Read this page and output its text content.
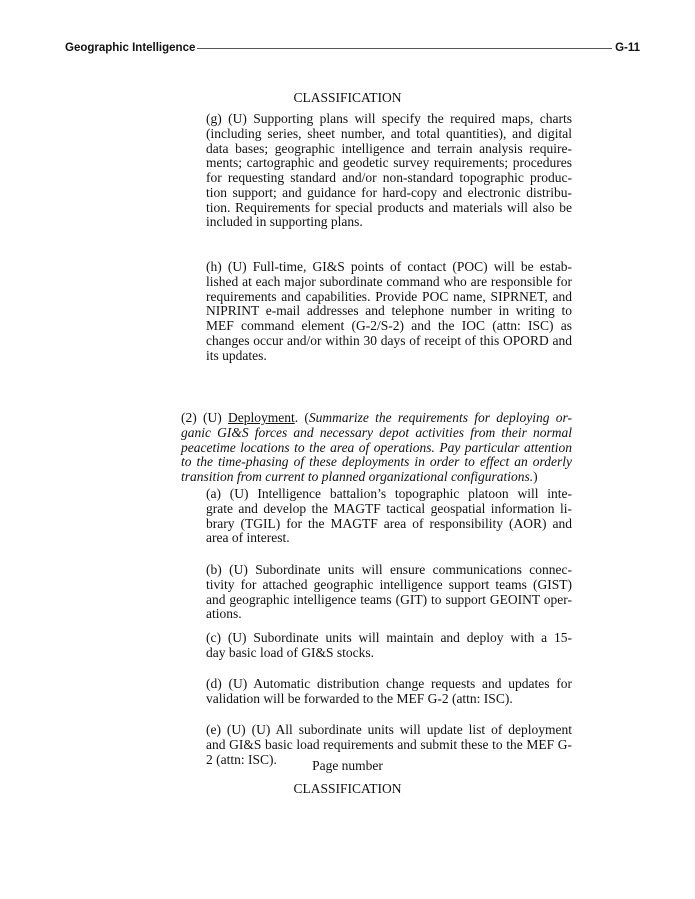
Geographic Intelligence	G-11
CLASSIFICATION
(g) (U) Supporting plans will specify the required maps, charts
(including series, sheet number, and total quantities), and digital
data bases; geographic intelligence and terrain analysis require-
ments; cartographic and geodetic survey requirements; procedures
for requesting standard and/or non-standard topographic produc-
tion support; and guidance for hard-copy and electronic distribu-
tion. Requirements for special products and materials will also be
included in supporting plans.
(h) (U) Full-time, GI&S points of contact (POC) will be estab-
lished at each major subordinate command who are responsible for
requirements and capabilities. Provide POC name, SIPRNET, and
NIPRINT e-mail addresses and telephone number in writing to
MEF command element (G-2/S-2) and the IOC (attn: ISC) as
changes occur and/or within 30 days of receipt of this OPORD and
its updates.
(2) (U) Deployment. (Summarize the requirements for deploying or-
ganic GI&S forces and necessary depot activities from their normal
peacetime locations to the area of operations. Pay particular attention
to the time-phasing of these deployments in order to effect an orderly
transition from current to planned organizational configurations.)
(a) (U) Intelligence battalion’s topographic platoon will inte-
grate and develop the MAGTF tactical geospatial information li-
brary (TGIL) for the MAGTF area of responsibility (AOR) and
area of interest.
(b) (U) Subordinate units will ensure communications connec-
tivity for attached geographic intelligence support teams (GIST)
and geographic intelligence teams (GIT) to support GEOINT oper-
ations.
(c) (U) Subordinate units will maintain and deploy with a 15-
day basic load of GI&S stocks.
(d) (U) Automatic distribution change requests and updates for
validation will be forwarded to the MEF G-2 (attn: ISC).
(e) (U) (U) All subordinate units will update list of deployment
and GI&S basic load requirements and submit these to the MEF G-
2 (attn: ISC).	Page number
CLASSIFICATION
